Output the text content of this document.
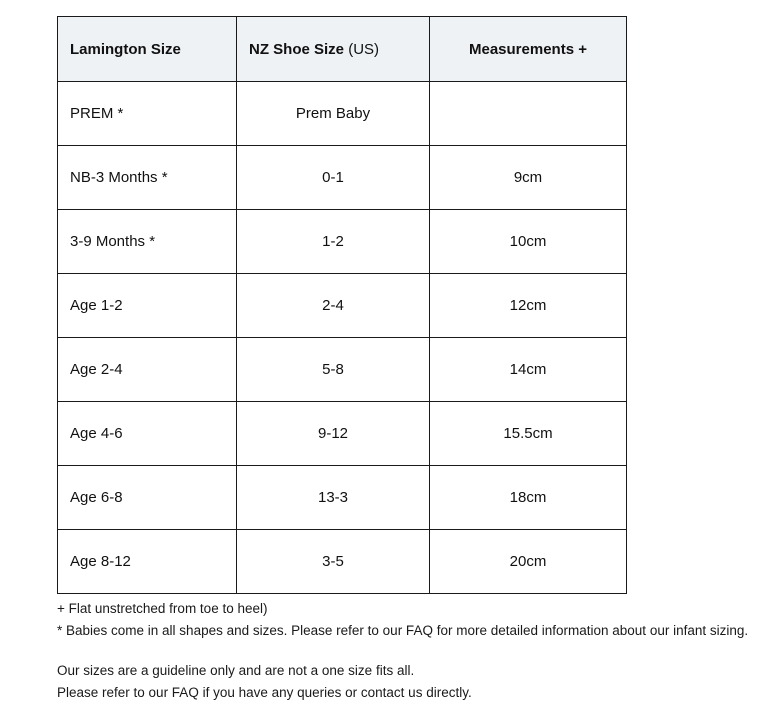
Lamington Size	NZ Shoe Size (US)	Measurements +
PREM *	Prem Baby	
NB-3 Months *	0-1	9cm
3-9 Months *	1-2	10cm
Age 1-2	2-4	12cm
Age 2-4	5-8	14cm
Age 4-6	9-12	15.5cm
Age 6-8	13-3	18cm
Age 8-12	3-5	20cm
+ Flat unstretched from toe to heel)
* Babies come in all shapes and sizes. Please refer to our FAQ for more detailed information about our infant sizing.
Our sizes are a guideline only and are not a one size fits all.
Please refer to our FAQ if you have any queries or contact us directly.
